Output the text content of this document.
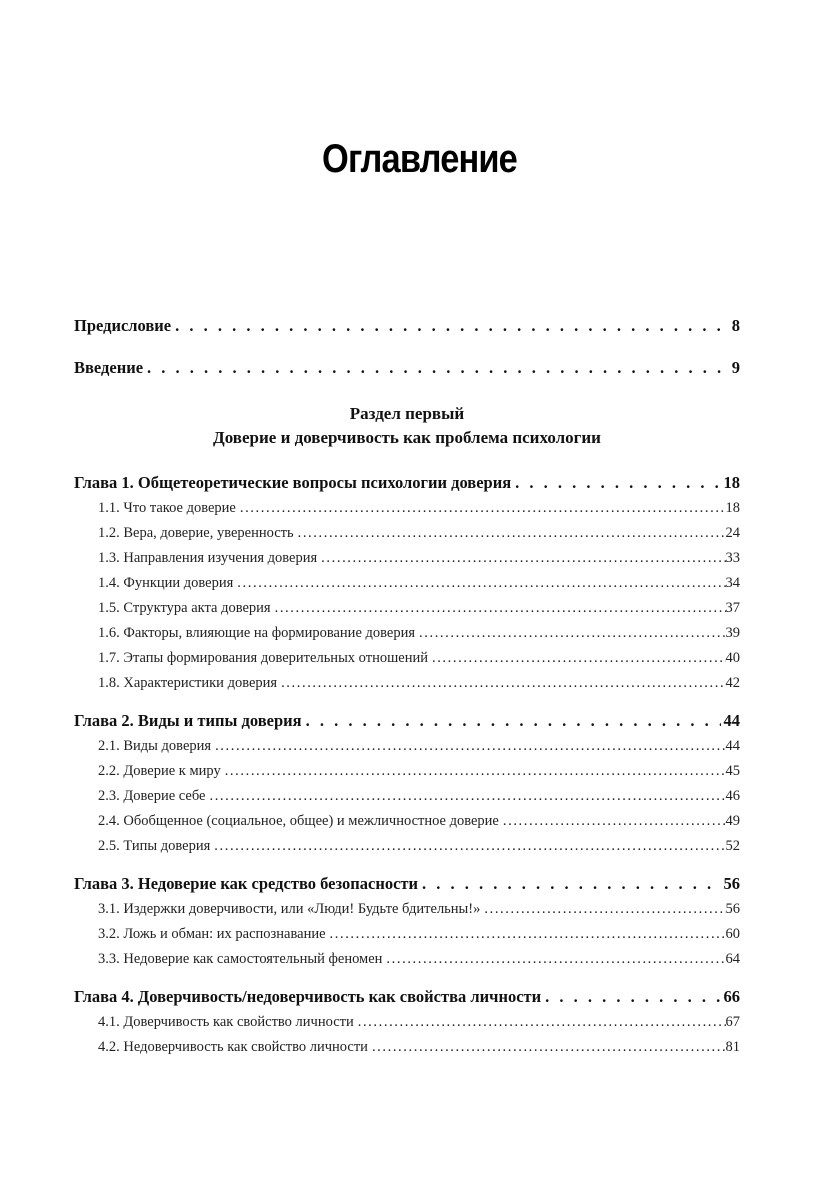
Оглавление
Предисловие . . .	8
Введение . . .	9
Раздел первый
Доверие и доверчивость как проблема психологии
Глава 1. Общетеоретические вопросы психологии доверия . . .	18
1.1. Что такое доверие .....	18
1.2. Вера, доверие, уверенность .....	24
1.3. Направления изучения доверия .....	33
1.4. Функции доверия .....	34
1.5. Структура акта доверия .....	37
1.6. Факторы, влияющие на формирование доверия .....	39
1.7. Этапы формирования доверительных отношений .....	40
1.8. Характеристики доверия .....	42
Глава 2. Виды и типы доверия . . .	44
2.1. Виды доверия .....	44
2.2. Доверие к миру .....	45
2.3. Доверие себе .....	46
2.4. Обобщенное (социальное, общее) и межличностное доверие .....	49
2.5. Типы доверия .....	52
Глава 3. Недоверие как средство безопасности . . .	56
3.1. Издержки доверчивости, или «Люди! Будьте бдительны!» .....	56
3.2. Ложь и обман: их распознавание .....	60
3.3. Недоверие как самостоятельный феномен .....	64
Глава 4. Доверчивость/недоверчивость как свойства личности . . .	66
4.1. Доверчивость как свойство личности .....	67
4.2. Недоверчивость как свойство личности .....	81
